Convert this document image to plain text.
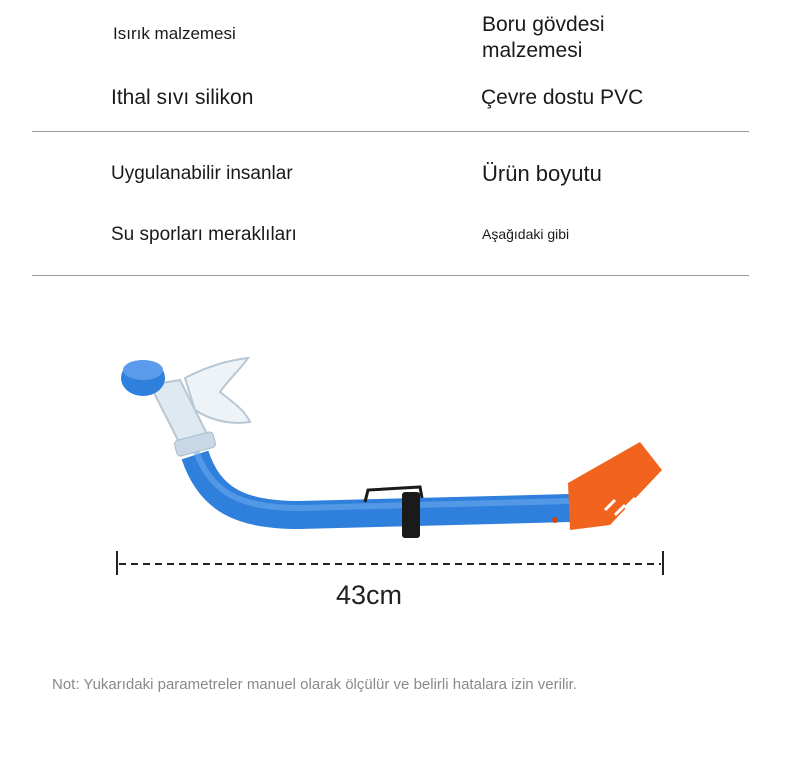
Isırık malzemesi	Boru gövdesi malzemesi
Ithal sıvı silikon	Çevre dostu PVC
Uygulanabilir insanlar	Ürün boyutu
Su sporları meraklıları	Aşağıdaki gibi
43cm
Not: Yukarıdaki parametreler manuel olarak ölçülür ve belirli hatalara izin verilir.
